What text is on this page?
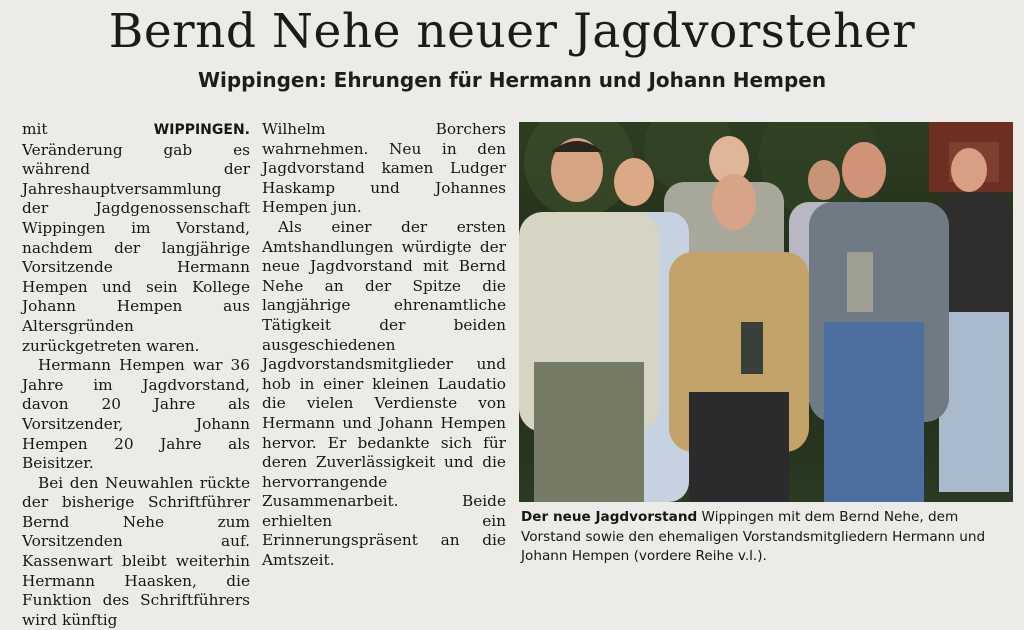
Bernd Nehe neuer Jagdvorsteher
Wippingen: Ehrungen für Hermann und Johann Hempen

mit	WIPPINGEN. Veränderung gab es während der Jahreshauptversammlung der Jagdgenossenschaft Wippingen im Vorstand, nachdem der langjährige Vorsitzende Hermann Hempen und sein Kollege Johann Hempen aus Altersgründen zurückgetreten waren.

Hermann Hempen war 36 Jahre im Jagdvorstand, davon 20 Jahre als Vorsitzender, Johann Hempen 20 Jahre als Beisitzer.

Bei den Neuwahlen rückte der bisherige Schriftführer Bernd Nehe zum Vorsitzenden auf. Kassenwart bleibt weiterhin Hermann Haasken, die Funktion des Schriftführers wird künftig

Wilhelm Borchers wahrnehmen. Neu in den Jagdvorstand kamen Ludger Haskamp und Johannes Hempen jun.

Als einer der ersten Amtshandlungen würdigte der neue Jagdvorstand mit Bernd Nehe an der Spitze die langjährige ehrenamtliche Tätigkeit der beiden ausgeschiedenen Jagdvorstandsmitglieder und hob in einer kleinen Laudatio die vielen Verdienste von Hermann und Johann Hempen hervor. Er bedankte sich für deren Zuverlässigkeit und die hervorrangende Zusammenarbeit. Beide erhielten ein Erinnerungspräsent an die Amtszeit.

Der neue Jagdvorstand Wippingen mit dem Bernd Nehe, dem Vorstand sowie den ehemaligen Vorstandsmitgliedern Hermann und Johann Hempen (vordere Reihe v.l.).
